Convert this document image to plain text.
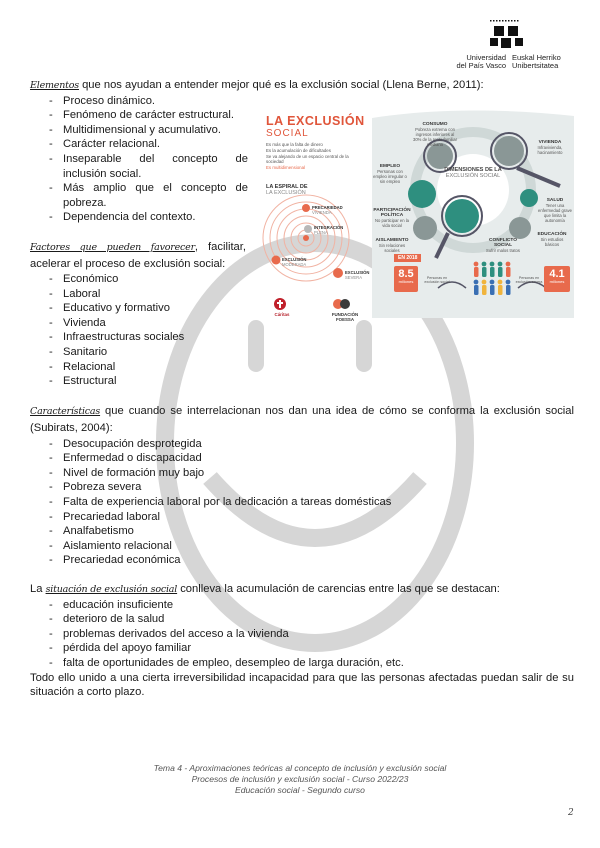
Universidad
del País Vasco
Euskal Herriko
Unibertsitatea

Elementos que nos ayudan a entender mejor qué es la exclusión social (Llena Berne, 2011):

- Proceso dinámico.
- Fenómeno de carácter estructural.
- Multidimensional y acumulativo.
- Carácter relacional.
- Inseparable del concepto de inclusión social.
- Más amplio que el concepto de pobreza.
- Dependencia del contexto.

Factores que pueden favorecer, facilitar, acelerar el proceso de exclusión social:

- Económico
- Laboral
- Educativo y formativo
- Vivienda
- Infraestructuras sociales
- Sanitario
- Relacional
- Estructural

Características que cuando se interrelacionan nos dan una idea de cómo se conforma la exclusión social (Subirats, 2004):

- Desocupación desprotegida
- Enfermedad o discapacidad
- Nivel de formación muy bajo
- Pobreza severa
- Falta de experiencia laboral por la dedicación a tareas domésticas
- Precariedad laboral
- Analfabetismo
- Aislamiento relacional
- Precariedad económica

La situación de exclusión social conlleva la acumulación de carencias entre las que se destacan:

- educación insuficiente
- deterioro de la salud
- problemas derivados del acceso a la vivienda
- pérdida del apoyo familiar
- falta de oportunidades de empleo, desempleo de larga duración, etc.

Todo ello unido a una cierta irreversibilidad incapacidad para que las personas afectadas puedan salir de su situación a corto plazo.

LA EXCLUSIÓN
SOCIAL
Es más que la falta de dinero
Es la acumulación de dificultades
Se va alejando de un espacio central de la sociedad
Es multidimensional
LA ESPIRAL DE
LA EXCLUSIÓN
PRECARIEDAD
VIVIENDA
INTEGRACIÓN
PLENA
EXCLUSIÓN
MODERADA
EXCLUSIÓN
SEVERA
DIMENSIONES DE LA
EXCLUSIÓN SOCIAL
CONSUMO
Pobreza extrema con ingresos inferiores al 30% de la renta familiar mediana	VIVIENDA
Infravivienda, hacinamiento
EMPLEO
Personas con empleo irregular o sin empleo
SALUD
Tener una enfermedad grave que limita la autonomía
PARTICIPACIÓN POLÍTICA
No participar en la vida social
EDUCACIÓN
Sin estudios básicos
AISLAMIENTO
Sin relaciones sociales
CONFLICTO SOCIAL
Sufrir malos tratos
EN 2018
8.5
millones
Personas en exclusión social
4.1
millones
Personas en exclusión severa
Cáritas	FUNDACIÓN FOESSA
Tema 4 - Aproximaciones teóricas al concepto de inclusión y exclusión social
Procesos de inclusión y exclusión social - Curso 2022/23
Educación social - Segundo curso
2
